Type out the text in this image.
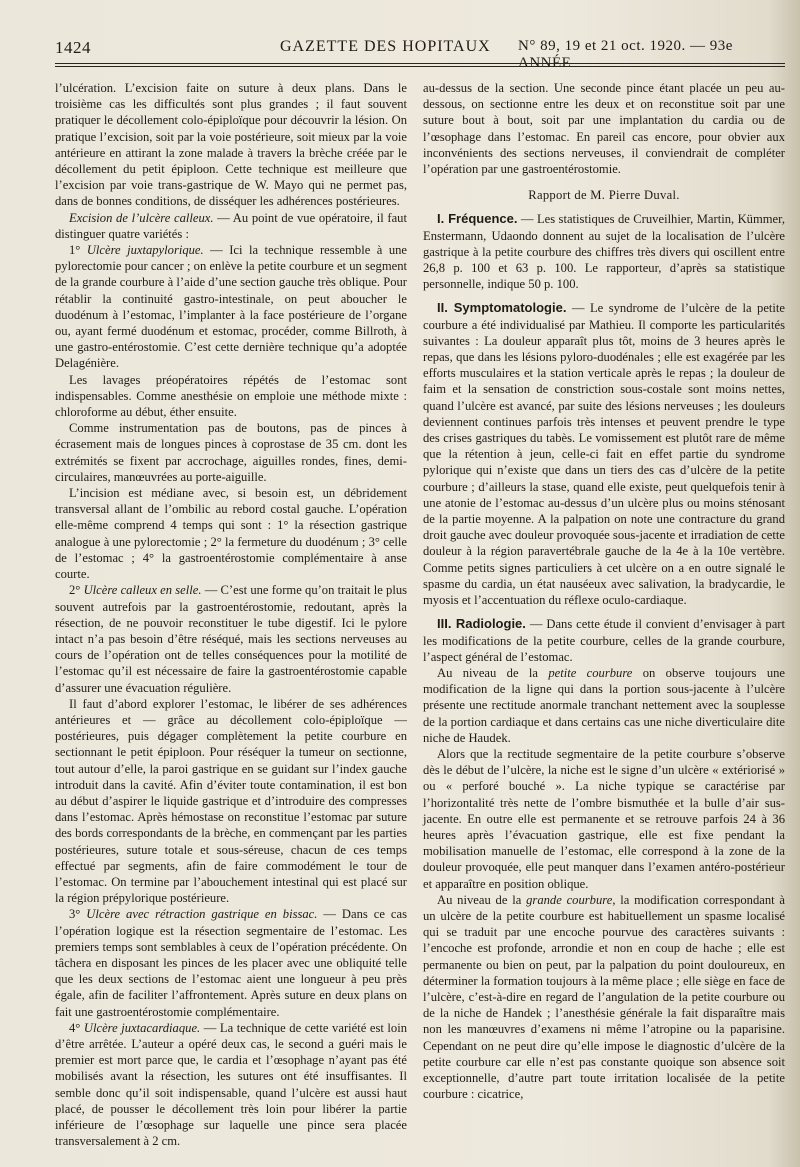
1424	GAZETTE DES HOPITAUX N° 89, 19 et 21 oct. 1920. — 93e ANNÉE

l’ulcération. L’excision faite on suture à deux plans. Dans le troisième cas les difficultés sont plus grandes ; il faut souvent pratiquer le décollement colo-épiploïque pour découvrir la lésion. On pratique l’excision, soit par la voie postérieure, soit mieux par la voie antérieure en attirant la zone malade à travers la brèche créée par le décollement du petit épiploon. Cette technique est meilleure que l’excision par voie trans-gastrique de W. Mayo qui ne permet pas, dans de bonnes conditions, de disséquer les adhérences postérieures.

Excision de l’ulcère calleux. — Au point de vue opératoire, il faut distinguer quatre variétés :

1° Ulcère juxtapylorique. — Ici la technique ressemble à une pylorectomie pour cancer ; on enlève la petite courbure et un segment de la grande courbure à l’aide d’une section gauche très oblique. Pour rétablir la continuité gastro-intestinale, on peut aboucher le duodénum à l’estomac, l’implanter à la face postérieure de l’organe ou, ayant fermé duodénum et estomac, procéder, comme Billroth, à une gastro-entérostomie. C’est cette dernière technique qu’a adoptée Delagénière.

Les lavages préopératoires répétés de l’estomac sont indispensables. Comme anesthésie on emploie une méthode mixte : chloroforme au début, éther ensuite.

Comme instrumentation pas de boutons, pas de pinces à écrasement mais de longues pinces à coprostase de 35 cm. dont les extrémités se fixent par accrochage, aiguilles rondes, fines, demi-circulaires, manœuvrées au porte-aiguille.

L’incision est médiane avec, si besoin est, un débridement transversal allant de l’ombilic au rebord costal gauche. L’opération elle-même comprend 4 temps qui sont : 1° la résection gastrique analogue à une pylorectomie ; 2° la fermeture du duodénum ; 3° celle de l’estomac ; 4° la gastroentérostomie complémentaire à anse courte.

2° Ulcère calleux en selle. — C’est une forme qu’on traitait le plus souvent autrefois par la gastroentérostomie, redoutant, après la résection, de ne pouvoir reconstituer le tube digestif. Ici le pylore intact n’a pas besoin d’être réséqué, mais les sections nerveuses au cours de l’opération ont de telles conséquences pour la motilité de l’estomac qu’il est nécessaire de faire la gastroentérostomie capable d’assurer une évacuation régulière.

Il faut d’abord explorer l’estomac, le libérer de ses adhérences antérieures et — grâce au décollement colo-épiploïque — postérieures, puis dégager complètement la petite courbure en sectionnant le petit épiploon. Pour réséquer la tumeur on sectionne, tout autour d’elle, la paroi gastrique en se guidant sur l’index gauche introduit dans la cavité. Afin d’éviter toute contamination, il est bon au début d’aspirer le liquide gastrique et d’introduire des compresses dans l’estomac. Après hémostase on reconstitue l’estomac par suture des bords correspondants de la brèche, en commençant par les parties postérieures, suture totale et sous-séreuse, chacun de ces temps effectué par segments, afin de faire commodément le tour de l’estomac. On termine par l’abouchement intestinal qui est placé sur la région prépylorique postérieure.

3° Ulcère avec rétraction gastrique en bissac. — Dans ce cas l’opération logique est la résection segmentaire de l’estomac. Les premiers temps sont semblables à ceux de l’opération précédente. On tâchera en disposant les pinces de les placer avec une obliquité telle que les deux sections de l’estomac aient une longueur à peu près égale, afin de faciliter l’affrontement. Après suture en deux plans on fait une gastroentérostomie complémentaire.

4° Ulcère juxtacardiaque. — La technique de cette variété est loin d’être arrêtée. L’auteur a opéré deux cas, le second a guéri mais le premier est mort parce que, le cardia et l’œsophage n’ayant pas été mobilisés avant la résection, les sutures ont été insuffisantes. Il semble donc qu’il soit indispensable, quand l’ulcère est aussi haut placé, de pousser le décollement très loin pour libérer la partie inférieure de l’œsophage sur laquelle une pince sera placée transversalement à 2 cm.

au-dessus de la section. Une seconde pince étant placée un peu au-dessous, on sectionne entre les deux et on reconstitue soit par une suture bout à bout, soit par une implantation du cardia ou de l’œsophage dans l’estomac. En pareil cas encore, pour obvier aux inconvénients des sections nerveuses, il conviendrait de compléter l’opération par une gastroentérostomie.

Rapport de M. Pierre Duval.

I. Fréquence. — Les statistiques de Cruveilhier, Martin, Kümmer, Enstermann, Udaondo donnent au sujet de la localisation de l’ulcère gastrique à la petite courbure des chiffres très divers qui oscillent entre 26,8 p. 100 et 63 p. 100. Le rapporteur, d’après sa statistique personnelle, indique 50 p. 100.

II. Symptomatologie. — Le syndrome de l’ulcère de la petite courbure a été individualisé par Mathieu. Il comporte les particularités suivantes : La douleur apparaît plus tôt, moins de 3 heures après le repas, que dans les lésions pyloro-duodénales ; elle est exagérée par les efforts musculaires et la station verticale après le repas ; la douleur de faim et la sensation de constriction sous-costale sont moins nettes, quand l’ulcère est avancé, par suite des lésions nerveuses ; les douleurs deviennent continues parfois très intenses et peuvent prendre le type des crises gastriques du tabès. Le vomissement est plutôt rare de même que la rétention à jeun, celle-ci fait en effet partie du syndrome pylorique qui n’existe que dans un tiers des cas d’ulcère de la petite courbure ; d’ailleurs la stase, quand elle existe, peut quelquefois tenir à une atonie de l’estomac au-dessus d’un ulcère plus ou moins sténosant de la partie moyenne. A la palpation on note une contracture du grand droit gauche avec douleur provoquée sous-jacente et irradiation de cette douleur à la région paravertébrale gauche de la 4e à la 10e vertèbre. Comme petits signes particuliers à cet ulcère on a en outre signalé le spasme du cardia, un état nauséeux avec salivation, la bradycardie, le myosis et l’accentuation du réflexe oculo-cardiaque.

III. Radiologie. — Dans cette étude il convient d’envisager à part les modifications de la petite courbure, celles de la grande courbure, l’aspect général de l’estomac.

Au niveau de la petite courbure on observe toujours une modification de la ligne qui dans la portion sous-jacente à l’ulcère présente une rectitude anormale tranchant nettement avec la souplesse de la portion cardiaque et dans certains cas une niche diverticulaire dite niche de Haudek.

Alors que la rectitude segmentaire de la petite courbure s’observe dès le début de l’ulcère, la niche est le signe d’un ulcère « extériorisé » ou « perforé bouché ». La niche typique se caractérise par l’horizontalité très nette de l’ombre bismuthée et la bulle d’air sus-jacente. En outre elle est permanente et se retrouve parfois 24 à 36 heures après l’évacuation gastrique, elle est fixe pendant la mobilisation manuelle de l’estomac, elle correspond à la zone de la douleur provoquée, elle peut manquer dans l’examen antéro-postérieur et apparaître en position oblique.

Au niveau de la grande courbure, la modification correspondant à un ulcère de la petite courbure est habituellement un spasme localisé qui se traduit par une encoche pourvue des caractères suivants : l’encoche est profonde, arrondie et non en coup de hache ; elle est permanente ou bien on peut, par la palpation du point douloureux, en déterminer la formation toujours à la même place ; elle siège en face de l’ulcère, c’est-à-dire en regard de l’angulation de la petite courbure ou de la niche de Handek ; l’anesthésie générale la fait disparaître mais non les manœuvres d’examens ni même l’atropine ou la paparisine. Cependant on ne peut dire qu’elle impose le diagnostic d’ulcère de la petite courbure car elle n’est pas constante quoique son absence soit exceptionnelle, d’autre part toute irritation localisée de la petite courbure : cicatrice,
